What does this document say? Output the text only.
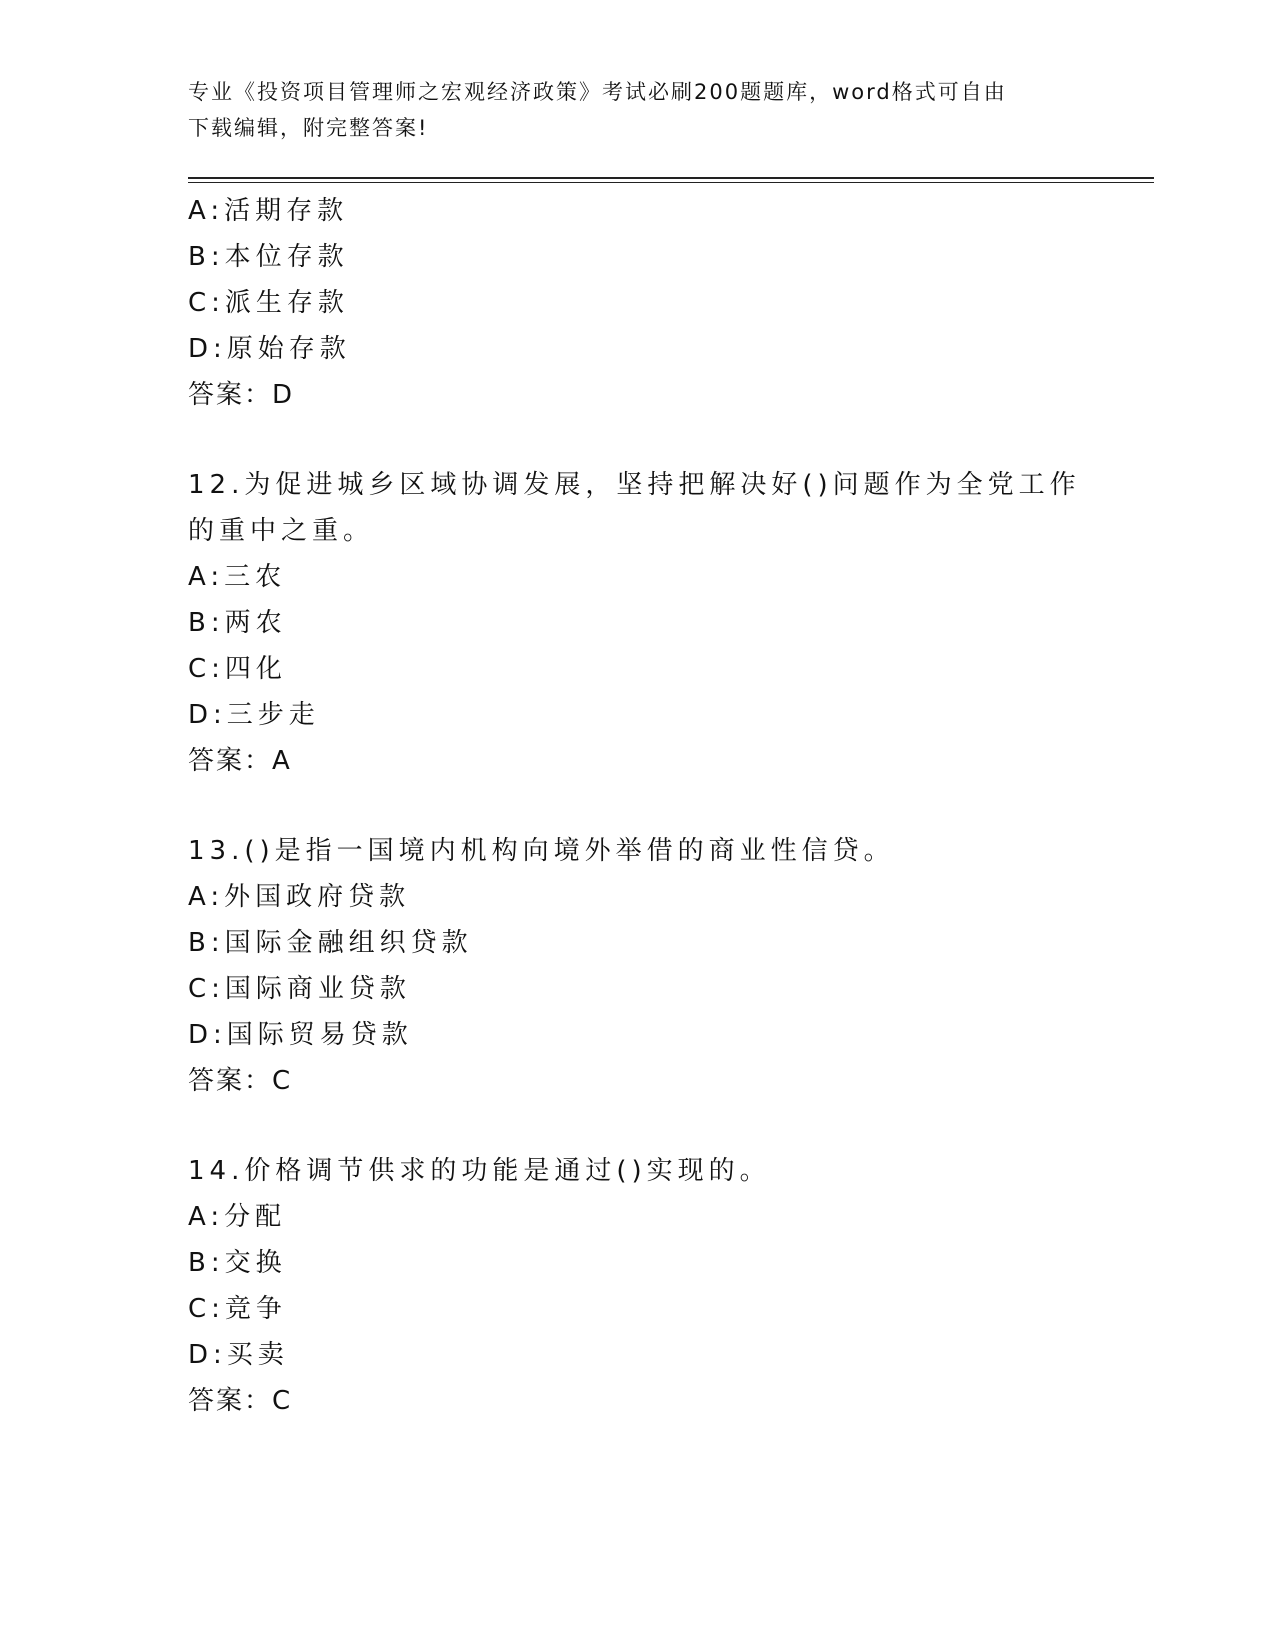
专业《投资项目管理师之宏观经济政策》考试必刷200题题库，word格式可自由
下载编辑，附完整答案!
A:活期存款
B:本位存款
C:派生存款
D:原始存款
答案：D
12.为促进城乡区域协调发展，坚持把解决好()问题作为全党工作的重中之重。
A:三农
B:两农
C:四化
D:三步走
答案：A
13.()是指一国境内机构向境外举借的商业性信贷。
A:外国政府贷款
B:国际金融组织贷款
C:国际商业贷款
D:国际贸易贷款
答案：C
14.价格调节供求的功能是通过()实现的。
A:分配
B:交换
C:竞争
D:买卖
答案：C
